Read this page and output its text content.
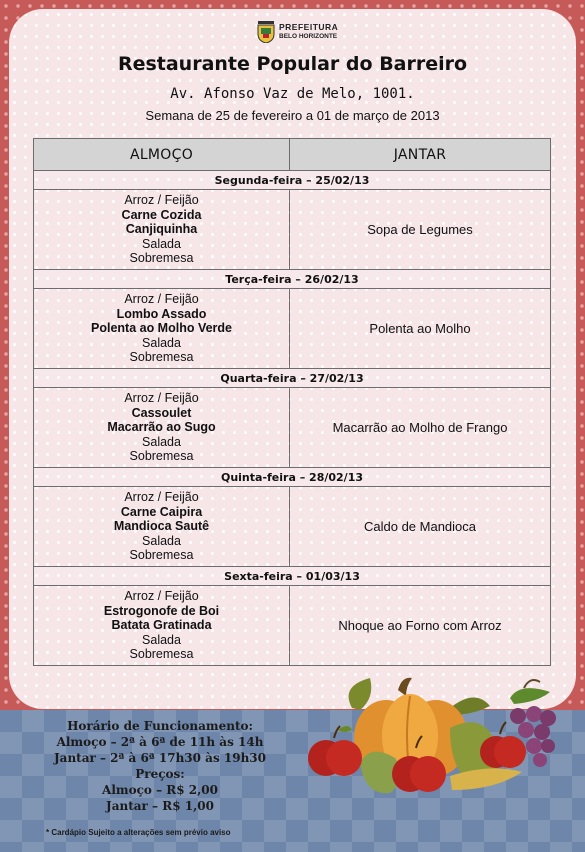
PREFEITURA
BELO HORIZONTE
Restaurante Popular do Barreiro
Av. Afonso Vaz de Melo, 1001.
Semana de 25 de fevereiro a 01 de março de 2013
ALMOÇO	JANTAR
Segunda-feira – 25/02/13	

Arroz / Feijão
Carne Cozida
Canjiquinha
Salada
Sobremesa	Sopa de Legumes
Terça-feira – 26/02/13	

Arroz / Feijão
Lombo Assado
Polenta ao Molho Verde
Salada
Sobremesa	Polenta ao Molho
Quarta-feira – 27/02/13	

Arroz / Feijão
Cassoulet
Macarrão ao Sugo
Salada
Sobremesa	Macarrão ao Molho de Frango
Quinta-feira – 28/02/13	

Arroz / Feijão
Carne Caipira
Mandioca Sautê
Salada
Sobremesa	Caldo de Mandioca
Sexta-feira – 01/03/13	

Arroz / Feijão
Estrogonofe de Boi
Batata Gratinada
Salada
Sobremesa	Nhoque ao Forno com Arroz
Horário de Funcionamento:
Almoço – 2ª à 6ª de 11h às 14h
Jantar – 2ª à 6ª 17h30 às 19h30
Preços:
Almoço – R$ 2,00
Jantar – R$ 1,00
* Cardápio Sujeito a alterações sem prévio aviso
